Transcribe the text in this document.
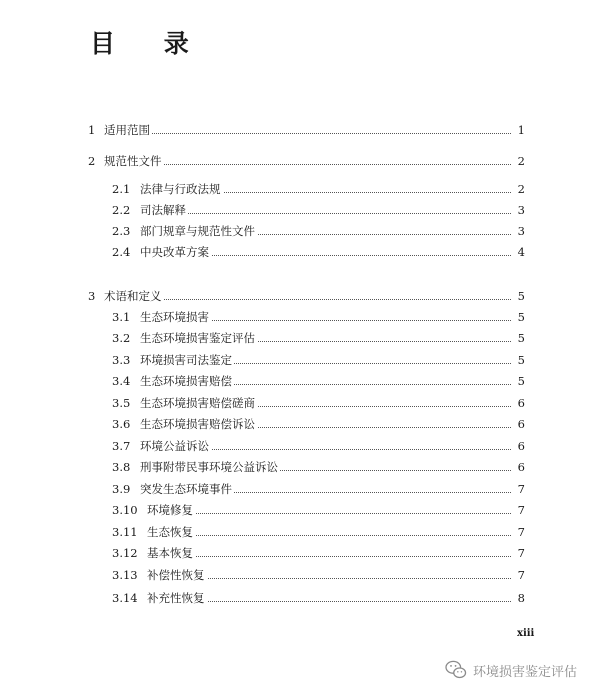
目 录
1 适用范围	1
2 规范性文件	2
2.1 法律与行政法规	2
2.2 司法解释	3
2.3 部门规章与规范性文件	3
2.4 中央改革方案	4
3 术语和定义	5
3.1 生态环境损害	5
3.2 生态环境损害鉴定评估	5
3.3 环境损害司法鉴定	5
3.4 生态环境损害赔偿	5
3.5 生态环境损害赔偿磋商	6
3.6 生态环境损害赔偿诉讼	6
3.7 环境公益诉讼	6
3.8 刑事附带民事环境公益诉讼	6
3.9 突发生态环境事件	7
3.10 环境修复	7
3.11 生态恢复	7
3.12 基本恢复	7
3.13 补偿性恢复	7
3.14 补充性恢复	8
xiii
环境损害鉴定评估
